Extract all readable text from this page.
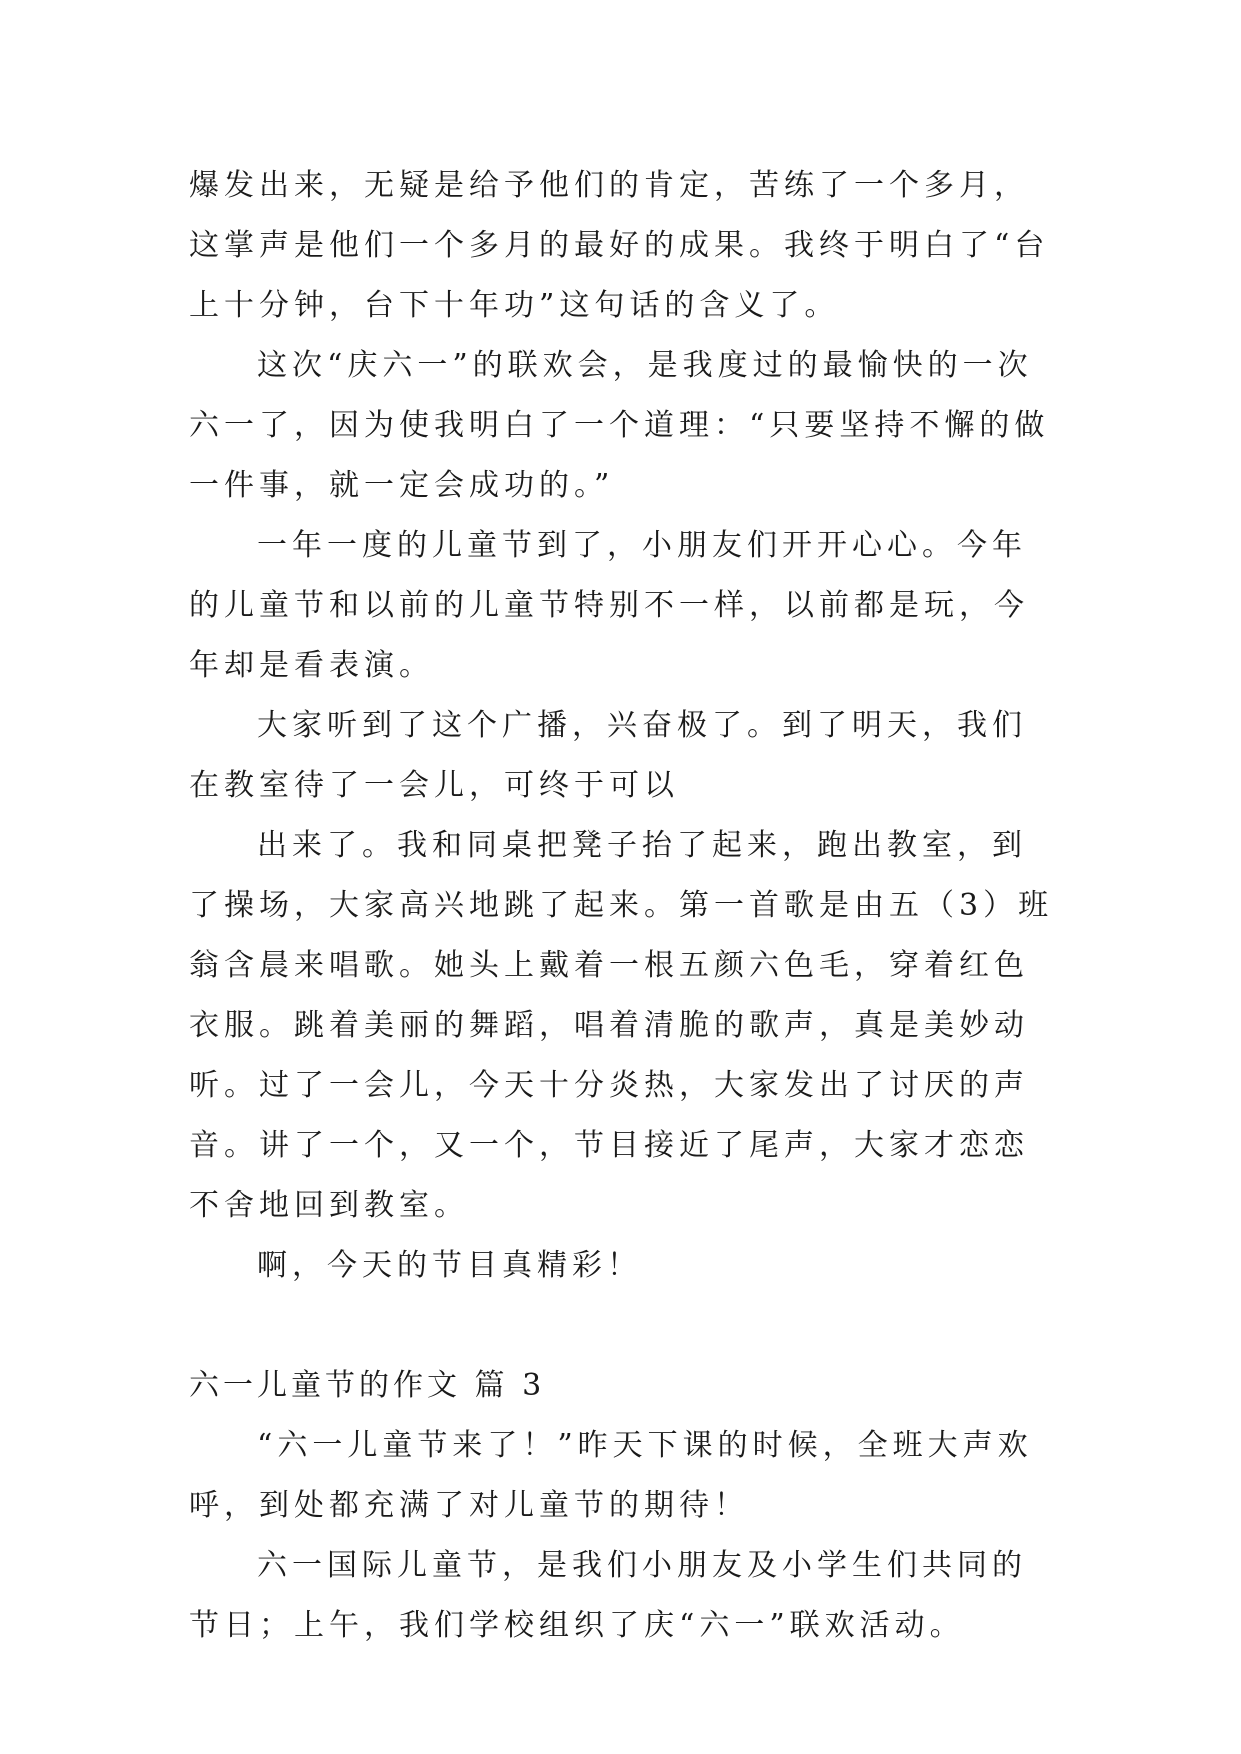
爆发出来，无疑是给予他们的肯定，苦练了一个多月，这掌声是他们一个多月的最好的成果。我终于明白了“台上十分钟，台下十年功”这句话的含义了。

这次“庆六一”的联欢会，是我度过的最愉快的一次六一了，因为使我明白了一个道理：“只要坚持不懈的做一件事，就一定会成功的。”

一年一度的儿童节到了，小朋友们开开心心。今年的儿童节和以前的儿童节特别不一样，以前都是玩，今年却是看表演。

大家听到了这个广播，兴奋极了。到了明天，我们在教室待了一会儿，可终于可以

出来了。我和同桌把凳子抬了起来，跑出教室，到了操场，大家高兴地跳了起来。第一首歌是由五（3）班翁含晨来唱歌。她头上戴着一根五颜六色毛，穿着红色衣服。跳着美丽的舞蹈，唱着清脆的歌声，真是美妙动听。过了一会儿，今天十分炎热，大家发出了讨厌的声音。讲了一个，又一个，节目接近了尾声，大家才恋恋不舍地回到教室。

啊，今天的节目真精彩！

六一儿童节的作文 篇 3

“六一儿童节来了！”昨天下课的时候，全班大声欢呼，到处都充满了对儿童节的期待！

六一国际儿童节，是我们小朋友及小学生们共同的节日；上午，我们学校组织了庆“六一”联欢活动。
